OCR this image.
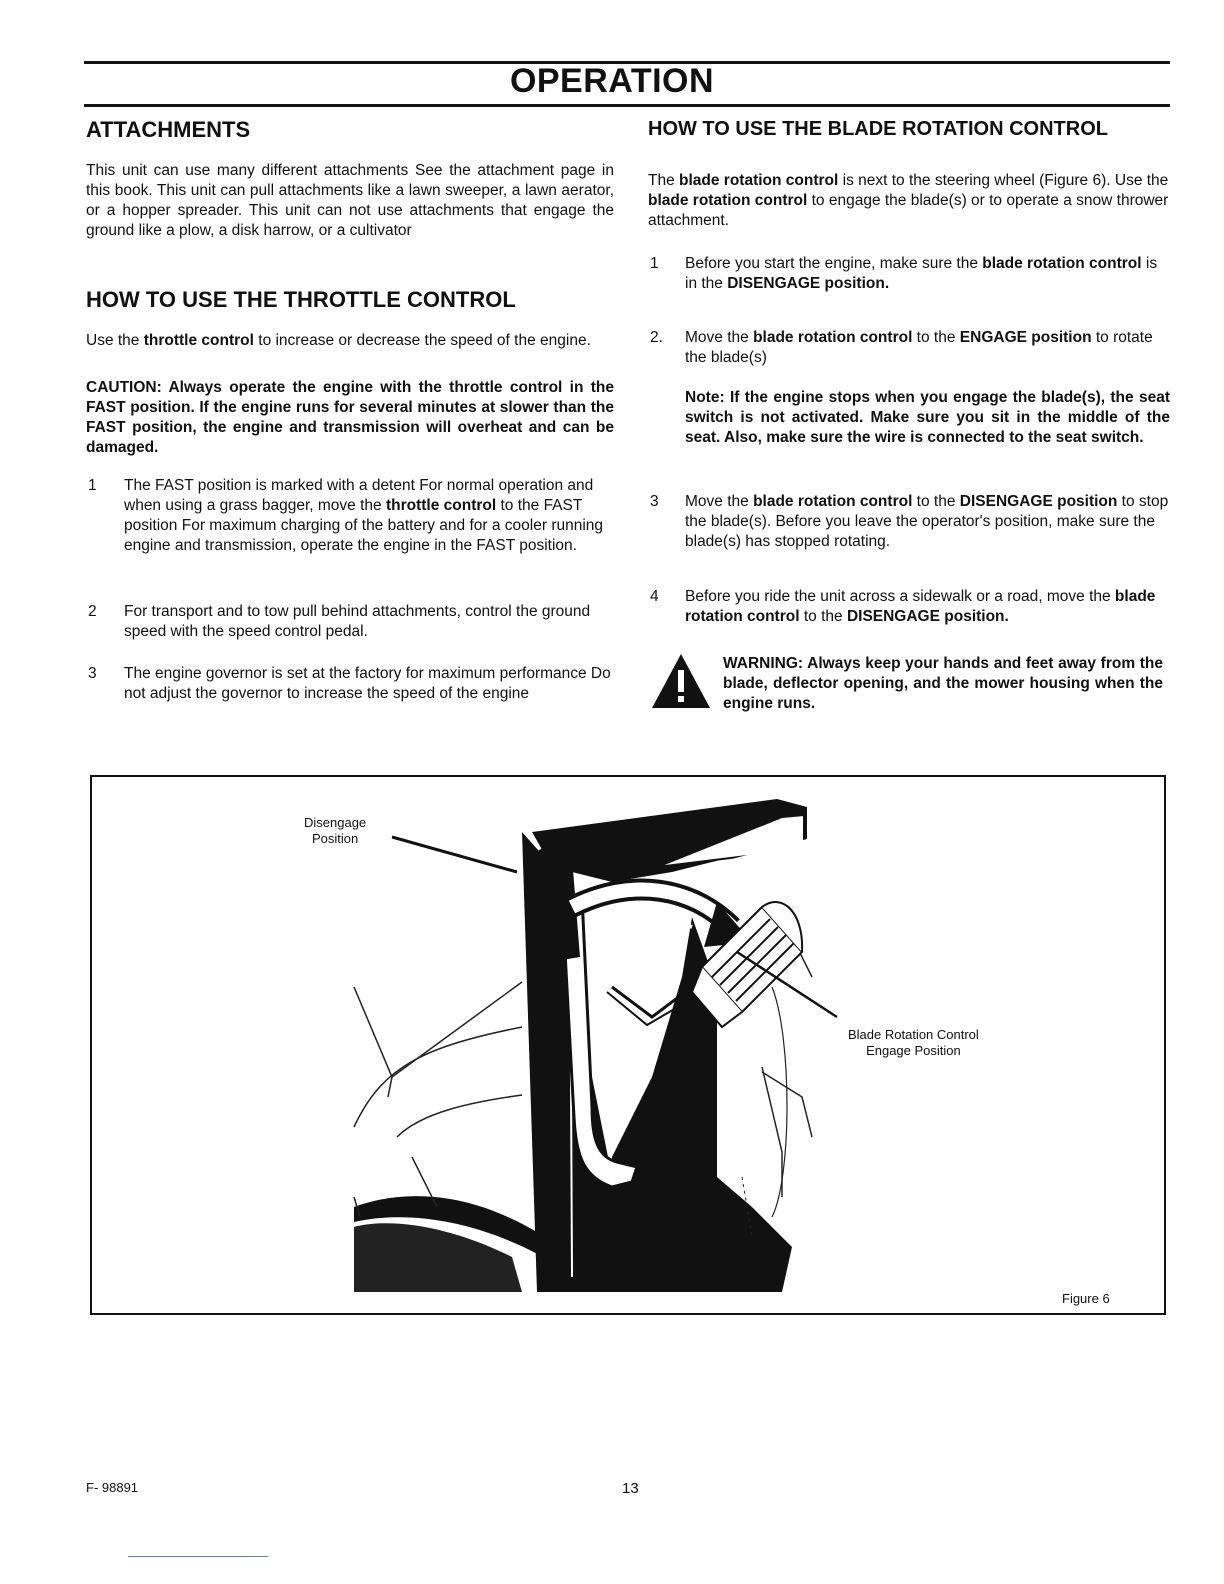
OPERATION
ATTACHMENTS
This unit can use many different attachments See the attachment page in this book. This unit can pull attachments like a lawn sweeper, a lawn aerator, or a hopper spreader. This unit can not use attachments that engage the ground like a plow, a disk harrow, or a cultivator
HOW TO USE THE THROTTLE CONTROL
Use the throttle control to increase or decrease the speed of the engine.
CAUTION: Always operate the engine with the throttle control in the FAST position. If the engine runs for several minutes at slower than the FAST position, the engine and transmission will overheat and can be damaged.
1 The FAST position is marked with a detent For normal operation and when using a grass bagger, move the throttle control to the FAST position For maximum charging of the battery and for a cooler running engine and transmission, operate the engine in the FAST position.
2 For transport and to tow pull behind attachments, control the ground speed with the speed control pedal.
3 The engine governor is set at the factory for maximum performance Do not adjust the governor to increase the speed of the engine
HOW TO USE THE BLADE ROTATION CONTROL
The blade rotation control is next to the steering wheel (Figure 6). Use the blade rotation control to engage the blade(s) or to operate a snow thrower attachment.
1 Before you start the engine, make sure the blade rotation control is in the DISENGAGE position.
2. Move the blade rotation control to the ENGAGE position to rotate the blade(s)
Note: If the engine stops when you engage the blade(s), the seat switch is not activated. Make sure you sit in the middle of the seat. Also, make sure the wire is connected to the seat switch.
3 Move the blade rotation control to the DISENGAGE position to stop the blade(s). Before you leave the operator's position, make sure the blade(s) has stopped rotating.
4 Before you ride the unit across a sidewalk or a road, move the blade rotation control to the DISENGAGE position.
WARNING: Always keep your hands and feet away from the blade, deflector opening, and the mower housing when the engine runs.
Disengage
Position
Blade Rotation Control
Engage Position
Figure 6
F- 98891	13
